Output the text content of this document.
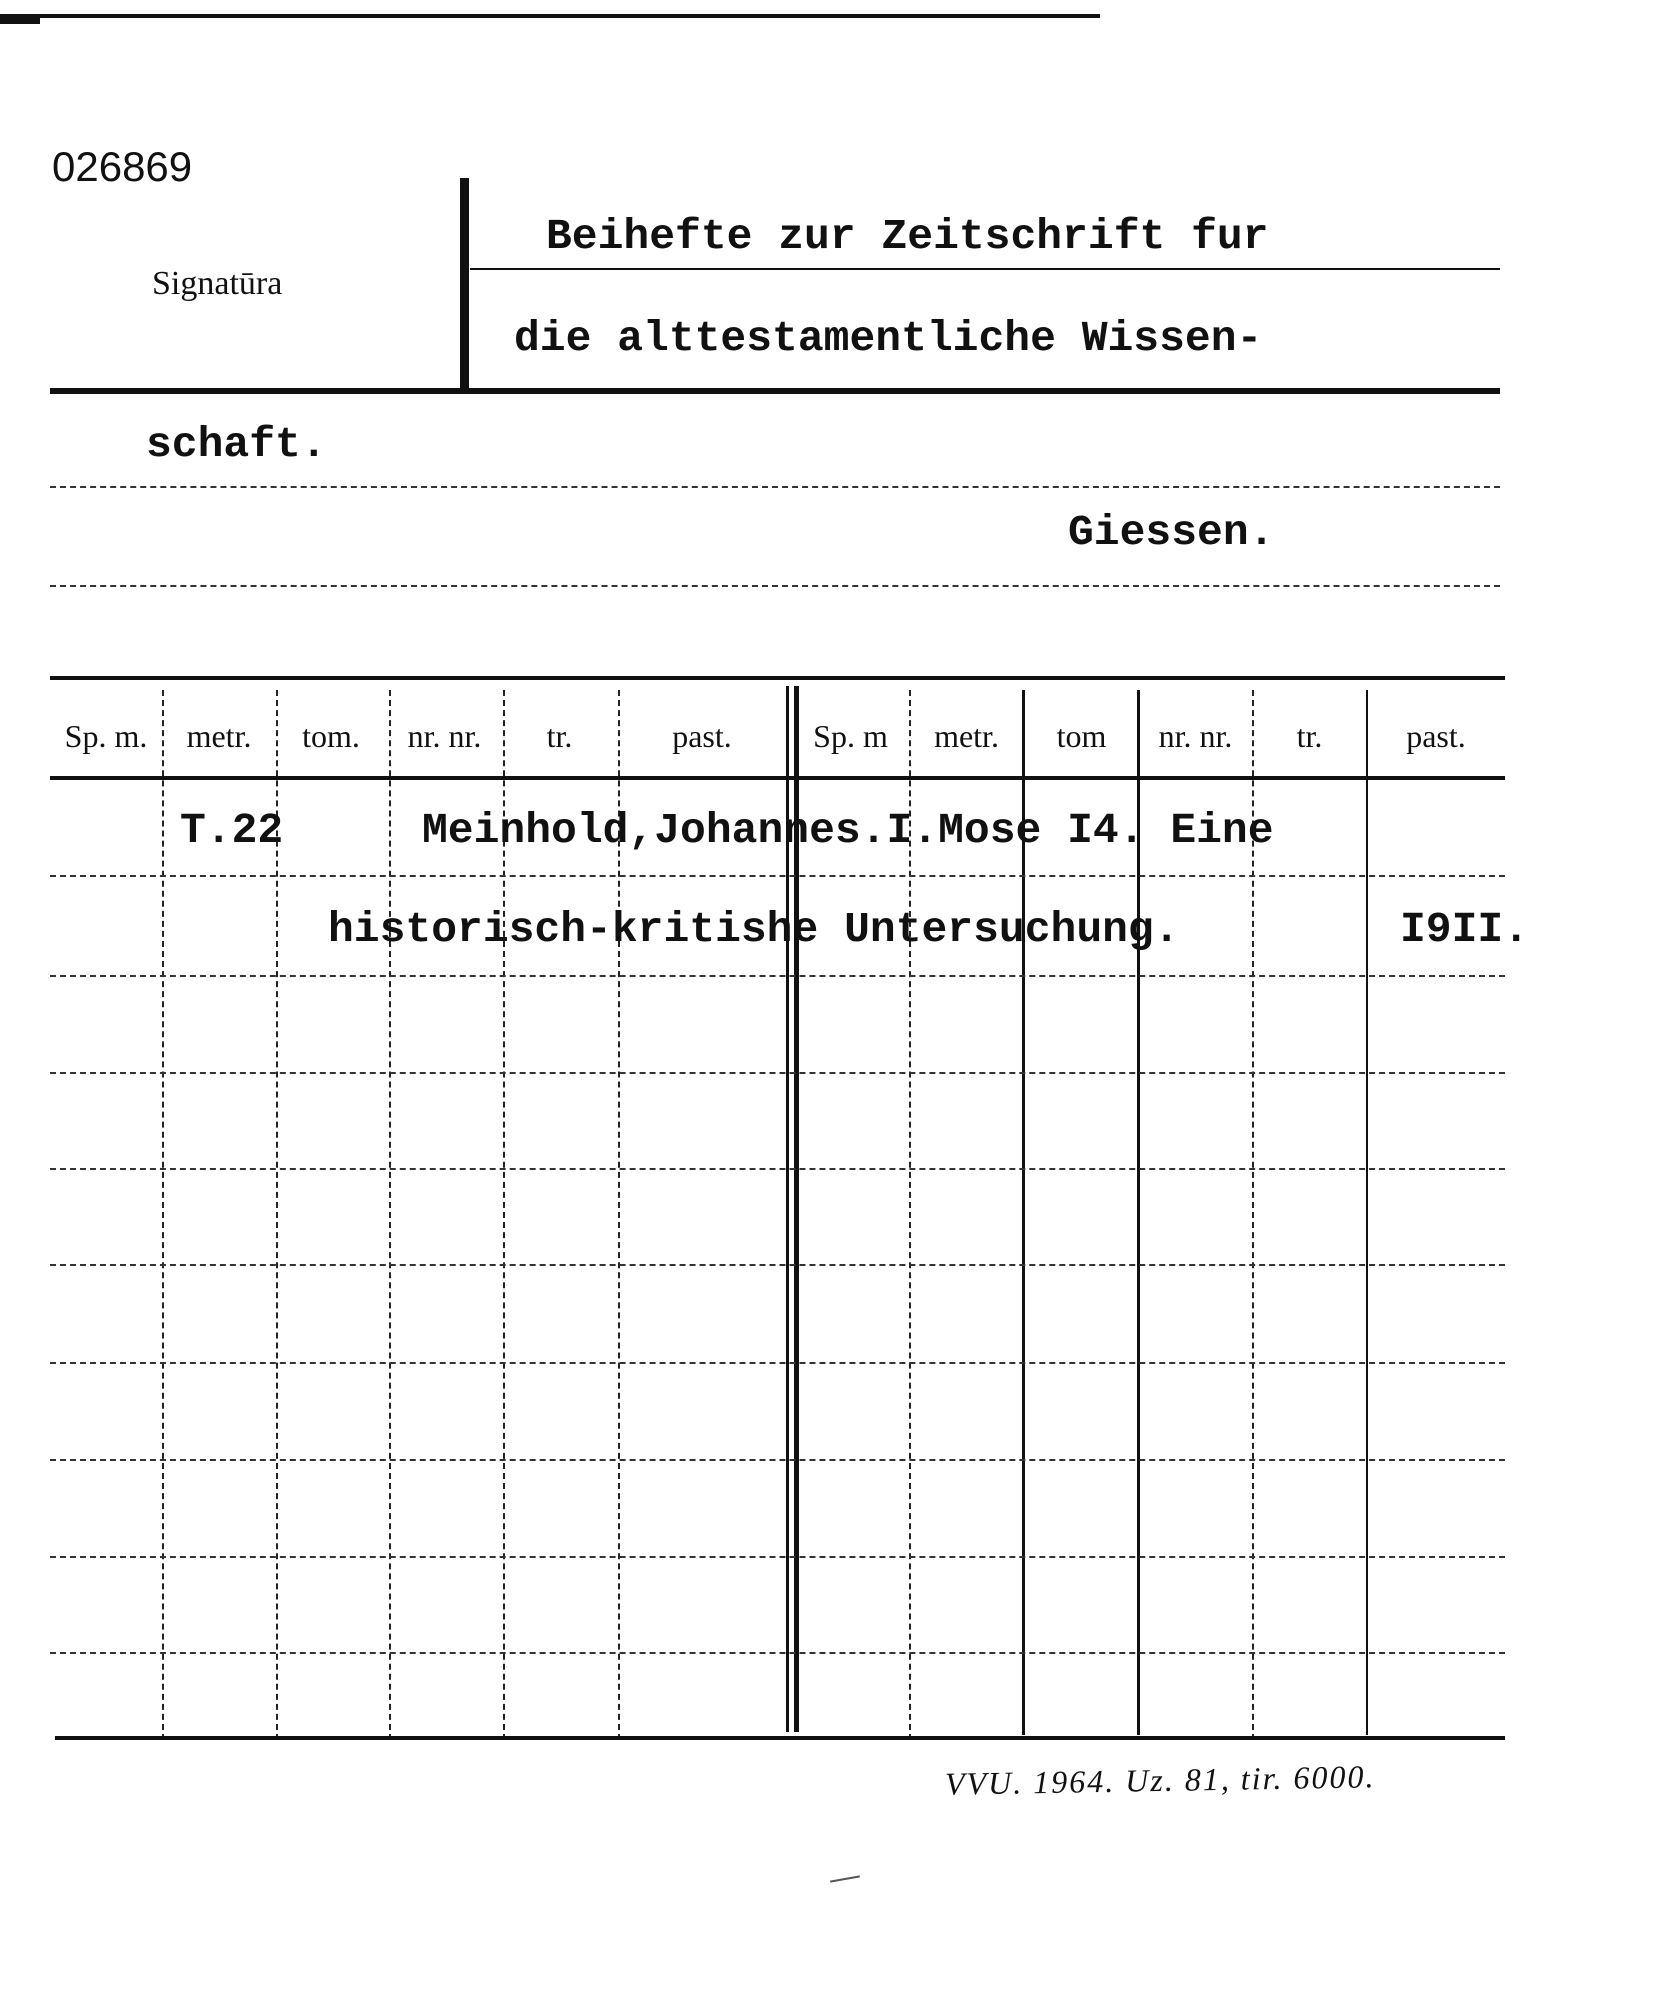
026869
Signatūra
Beihefte zur Zeitschrift fur
die alttestamentliche Wissen-
schaft.
Giessen.
Sp. m.	metr.	tom.	nr. nr.	tr.	past.	Sp. m	metr.	tom	nr. nr.	tr.	past.
T.22	Meinhold,Johannes.I.Mose I4. Eine
historisch-kritishe Untersuchung.	I9II.
VVU. 1964. Uz. 81, tir. 6000.
